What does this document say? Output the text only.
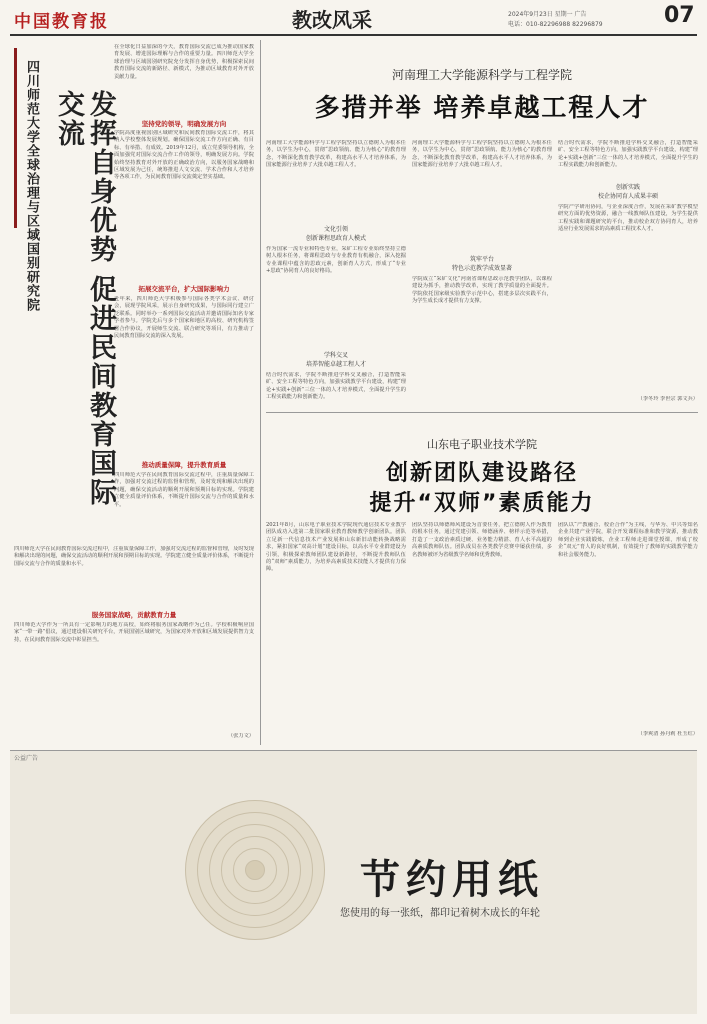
中国教育报	教改风采	2024年9月23日 星期一 广告
电话：010-82296988 82296879	07
四川师范大学全球治理与区域国别研究院	发挥自身优势 促进民间教育国际交流
在全球化日益加深的今天，教育国际交流已成为推动国家教育发展、增进国际理解与合作的重要力量。四川师范大学全球治理与区域国别研究院充分发挥自身优势，积极探索民间教育国际交流的新路径、新模式，为推动区域教育对外开放贡献力量。
坚持党的领导，明确发展方向
学院高度重视国别区域研究和民间教育国际交流工作，将其纳入学校整体发展规划。确保国际交流工作方向正确、有目标、有举措、有成效。2019年12月，成立党委领导机构，全面加强党对国际交流合作工作的领导，明确发展方向。学院始终坚持教育对外开放的正确政治方向，以服务国家战略和区域发展为己任，统筹推进人文交流、学术合作和人才培养等各项工作，为民间教育国际交流奠定坚实基础。
拓展交流平台，扩大国际影响力
近年来，四川师范大学积极参与国际各类学术会议、研讨会，展现学院风采，展示自身研究成果，与国际同行建立广泛联系。同时举办一系列国际交流活动并邀请国际知名专家学者参与。学院先后与多个国家和地区的高校、研究机构签署合作协议，开展师生交流、联合研究等项目，有力推动了民间教育国际交流的深入发展。
推动质量保障，提升教育质量
四川师范大学在民间教育国际交流过程中，注重质量保障工作，加强对交流过程的监督和管理，及时发现和解决出现的问题，确保交流活动的顺利开展和预期目标的实现。学院建立健全质量评价体系，不断提升国际交流与合作的质量和水平。
四川师范大学在民间教育国际交流过程中，注重质量保障工作，加强对交流过程的监督和管理，及时发现和解决出现的问题，确保交流活动的顺利开展和预期目标的实现。学院建立健全质量评价体系，不断提升国际交流与合作的质量和水平。
服务国家战略，贡献教育力量
四川师范大学作为一所具有一定影响力的地方高校，始终将服务国家战略作为己任。学校积极响应国家“一带一路”倡议，通过建设相关研究平台，开展国别区域研究，为国家对外开放和区域发展提供智力支持，在民间教育国际交流中彰显担当。
（张力文）
河南理工大学能源科学与工程学院
多措并举 培养卓越工程人才
河南理工大学能源科学与工程学院坚持以立德树人为根本任务，以学生为中心，贯彻“思政领航、能力为核心”的教育理念，不断深化教育教学改革，构建高水平人才培养体系，为国家能源行业培养了大批卓越工程人才。
文化引领
创新课程思政育人模式
作为国家一流专业和特色专业，采矿工程专业始终坚持立德树人根本任务，将课程思政与专业教育有机融合，深入挖掘专业课程中蕴含的思政元素，创新育人方式，形成了“专业+思政”协同育人的良好格局。
学科交叉
培养智能卓越工程人才
结合时代需求，学院不断推进学科交叉融合，打造智能采矿、安全工程等特色方向，加强实践教学平台建设，构建“理论+实践+创新”三位一体的人才培养模式，全面提升学生的工程实践能力和创新能力。
河南理工大学能源科学与工程学院坚持以立德树人为根本任务，以学生为中心，贯彻“思政领航、能力为核心”的教育理念，不断深化教育教学改革，构建高水平人才培养体系，为国家能源行业培养了大批卓越工程人才。
筑牢平台
特色示范教学成效显著
学院成立“采矿文化”河南省课程思政示范教学团队，以课程建设为抓手，推动教学改革，实现了教学质量的全面提升。学院依托国家级实验教学示范中心，搭建多层次实践平台，为学生成长成才提供有力支撑。
结合时代需求，学院不断推进学科交叉融合，打造智能采矿、安全工程等特色方向，加强实践教学平台建设，构建“理论+实践+创新”三位一体的人才培养模式，全面提升学生的工程实践能力和创新能力。
创新实践
校企协同育人成果丰硕
学院产学研用协同，与企业深度合作，发展在采矿教学模型研究方面的优势资源，融合一线教师队伍建设，为学生提供工程实践和课题研究的平台，推动校企双方协同育人，培养适应行业发展需求的高素质工程技术人才。
（李冬玲 李世宗 郭文兵）
山东电子职业技术学院
创新团队建设路径
提升“双师”素质能力
2021年8月，山东电子职业技术学院现代通信技术专业教学团队成功入选第二批国家职业教育教师教学创新团队。团队立足新一代信息技术产业发展和山东新旧动能转换战略需求，紧扣国家“双高计划”建设目标，以高水平专业群建设为引领，积极探索教师团队建设新路径，不断提升教师队伍的“双师”素质能力，为培养高素质技术技能人才提供有力保障。
团队坚持以师德师风建设为首要任务，把立德树人作为教育的根本任务，通过党建引领、师德涵养、榜样示范等举措，打造了一支政治素质过硬、业务能力精湛、育人水平高超的高素质教师队伍。团队成员在各类教学竞赛中屡获佳绩，多名教师被评为省级教学名师和优秀教师。
团队以“产教融合、校企合作”为主线，与华为、中兴等知名企业共建产业学院，联合开发课程标准和教学资源，推动教师到企业实践锻炼，企业工程师走进课堂授课，形成了校企“双元”育人的良好机制，有效提升了教师的实践教学能力和社会服务能力。
（李爽清 孙丹莉 杜玉红）
公益广告
节约用纸
您使用的每一张纸，都印记着树木成长的年轮
